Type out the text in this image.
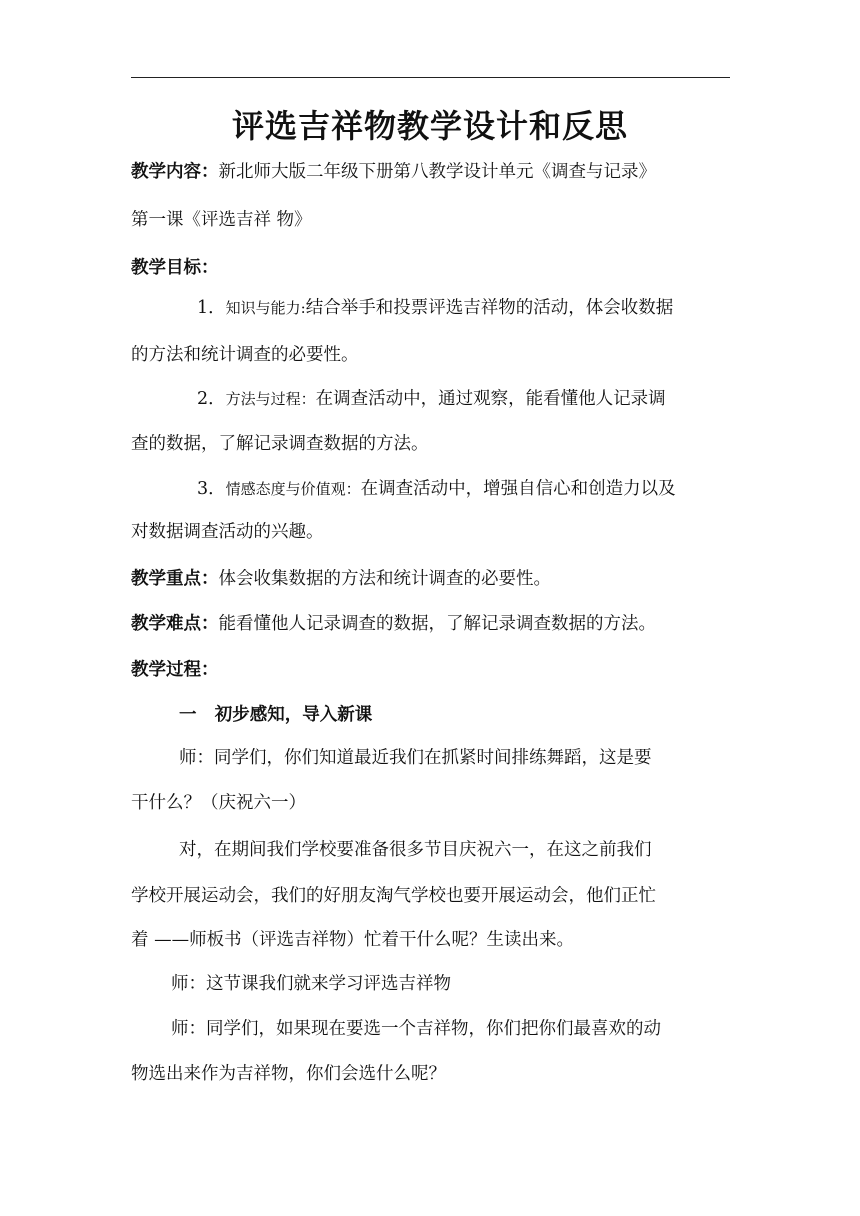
评选吉祥物教学设计和反思
教学内容：新北师大版二年级下册第八教学设计单元《调查与记录》
第一课《评选吉祥 物》
教学目标：
1．知识与能力:结合举手和投票评选吉祥物的活动，体会收数据
的方法和统计调查的必要性。
2．方法与过程：在调查活动中，通过观察，能看懂他人记录调
查的数据，了解记录调查数据的方法。
3．情感态度与价值观：在调查活动中，增强自信心和创造力以及
对数据调查活动的兴趣。
教学重点：体会收集数据的方法和统计调查的必要性。
教学难点：能看懂他人记录调查的数据，了解记录调查数据的方法。
教学过程：
一   初步感知，导入新课
师：同学们，你们知道最近我们在抓紧时间排练舞蹈，这是要
干什么？（庆祝六一）
对，在期间我们学校要准备很多节目庆祝六一，在这之前我们
学校开展运动会，我们的好朋友淘气学校也要开展运动会，他们正忙
着 ——师板书（评选吉祥物）忙着干什么呢？生读出来。
师：这节课我们就来学习评选吉祥物
师：同学们，如果现在要选一个吉祥物，你们把你们最喜欢的动
物选出来作为吉祥物，你们会选什么呢？
